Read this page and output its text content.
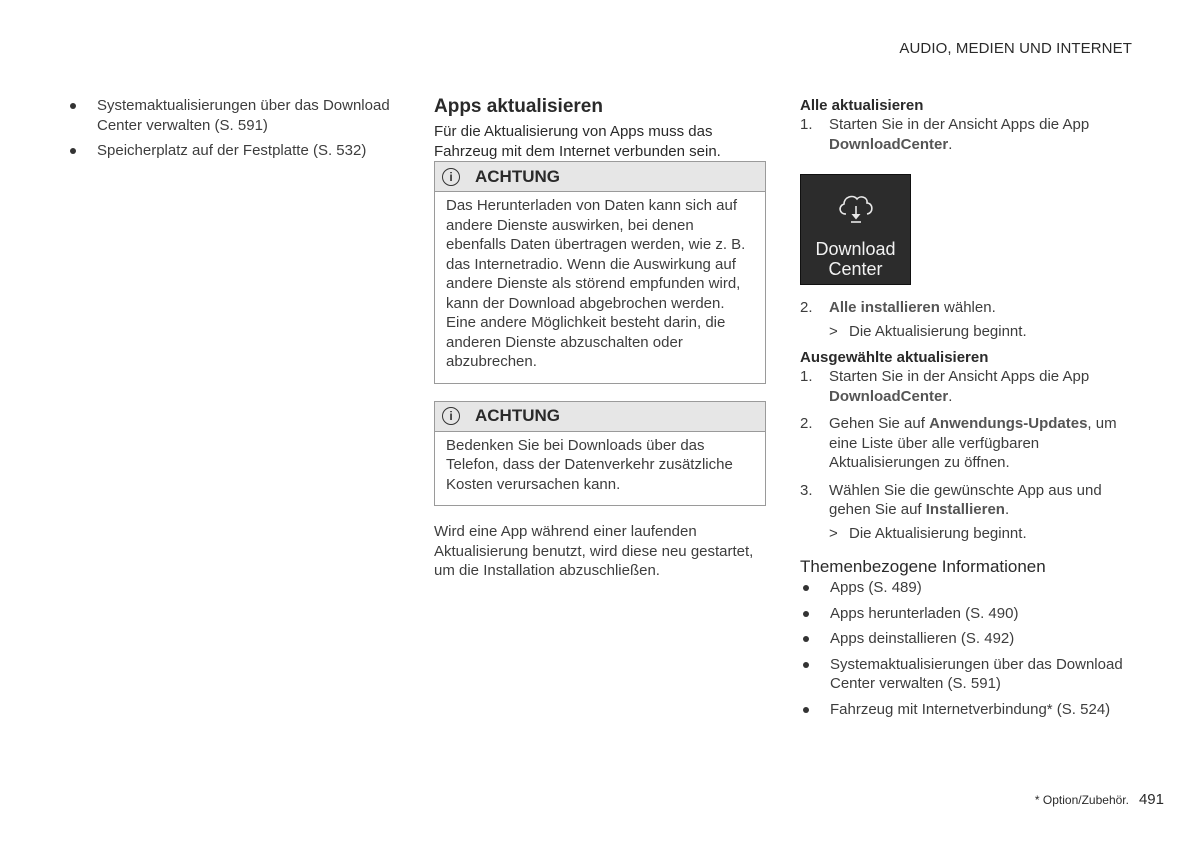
AUDIO, MEDIEN UND INTERNET
Systemaktualisierungen über das Download Center verwalten (S. 591)
Speicherplatz auf der Festplatte (S. 532)
Apps aktualisieren
Für die Aktualisierung von Apps muss das Fahrzeug mit dem Internet verbunden sein.
i	ACHTUNG
Das Herunterladen von Daten kann sich auf andere Dienste auswirken, bei denen ebenfalls Daten übertragen werden, wie z. B. das Internetradio. Wenn die Auswirkung auf andere Dienste als störend empfunden wird, kann der Download abgebrochen werden. Eine andere Möglichkeit besteht darin, die anderen Dienste abzuschalten oder abzubrechen.
i	ACHTUNG
Bedenken Sie bei Downloads über das Telefon, dass der Datenverkehr zusätzliche Kosten verursachen kann.
Wird eine App während einer laufenden Aktualisierung benutzt, wird diese neu gestartet, um die Installation abzuschließen.
Alle aktualisieren
1. Starten Sie in der Ansicht Apps die App DownloadCenter.
Download
Center
2. Alle installieren wählen.
> Die Aktualisierung beginnt.
Ausgewählte aktualisieren
1. Starten Sie in der Ansicht Apps die App DownloadCenter.
2. Gehen Sie auf Anwendungs-Updates, um eine Liste über alle verfügbaren Aktualisierungen zu öffnen.
3. Wählen Sie die gewünschte App aus und gehen Sie auf Installieren.
> Die Aktualisierung beginnt.
Themenbezogene Informationen
Apps (S. 489)
Apps herunterladen (S. 490)
Apps deinstallieren (S. 492)
Systemaktualisierungen über das Download Center verwalten (S. 591)
Fahrzeug mit Internetverbindung* (S. 524)
* Option/Zubehör. 491
